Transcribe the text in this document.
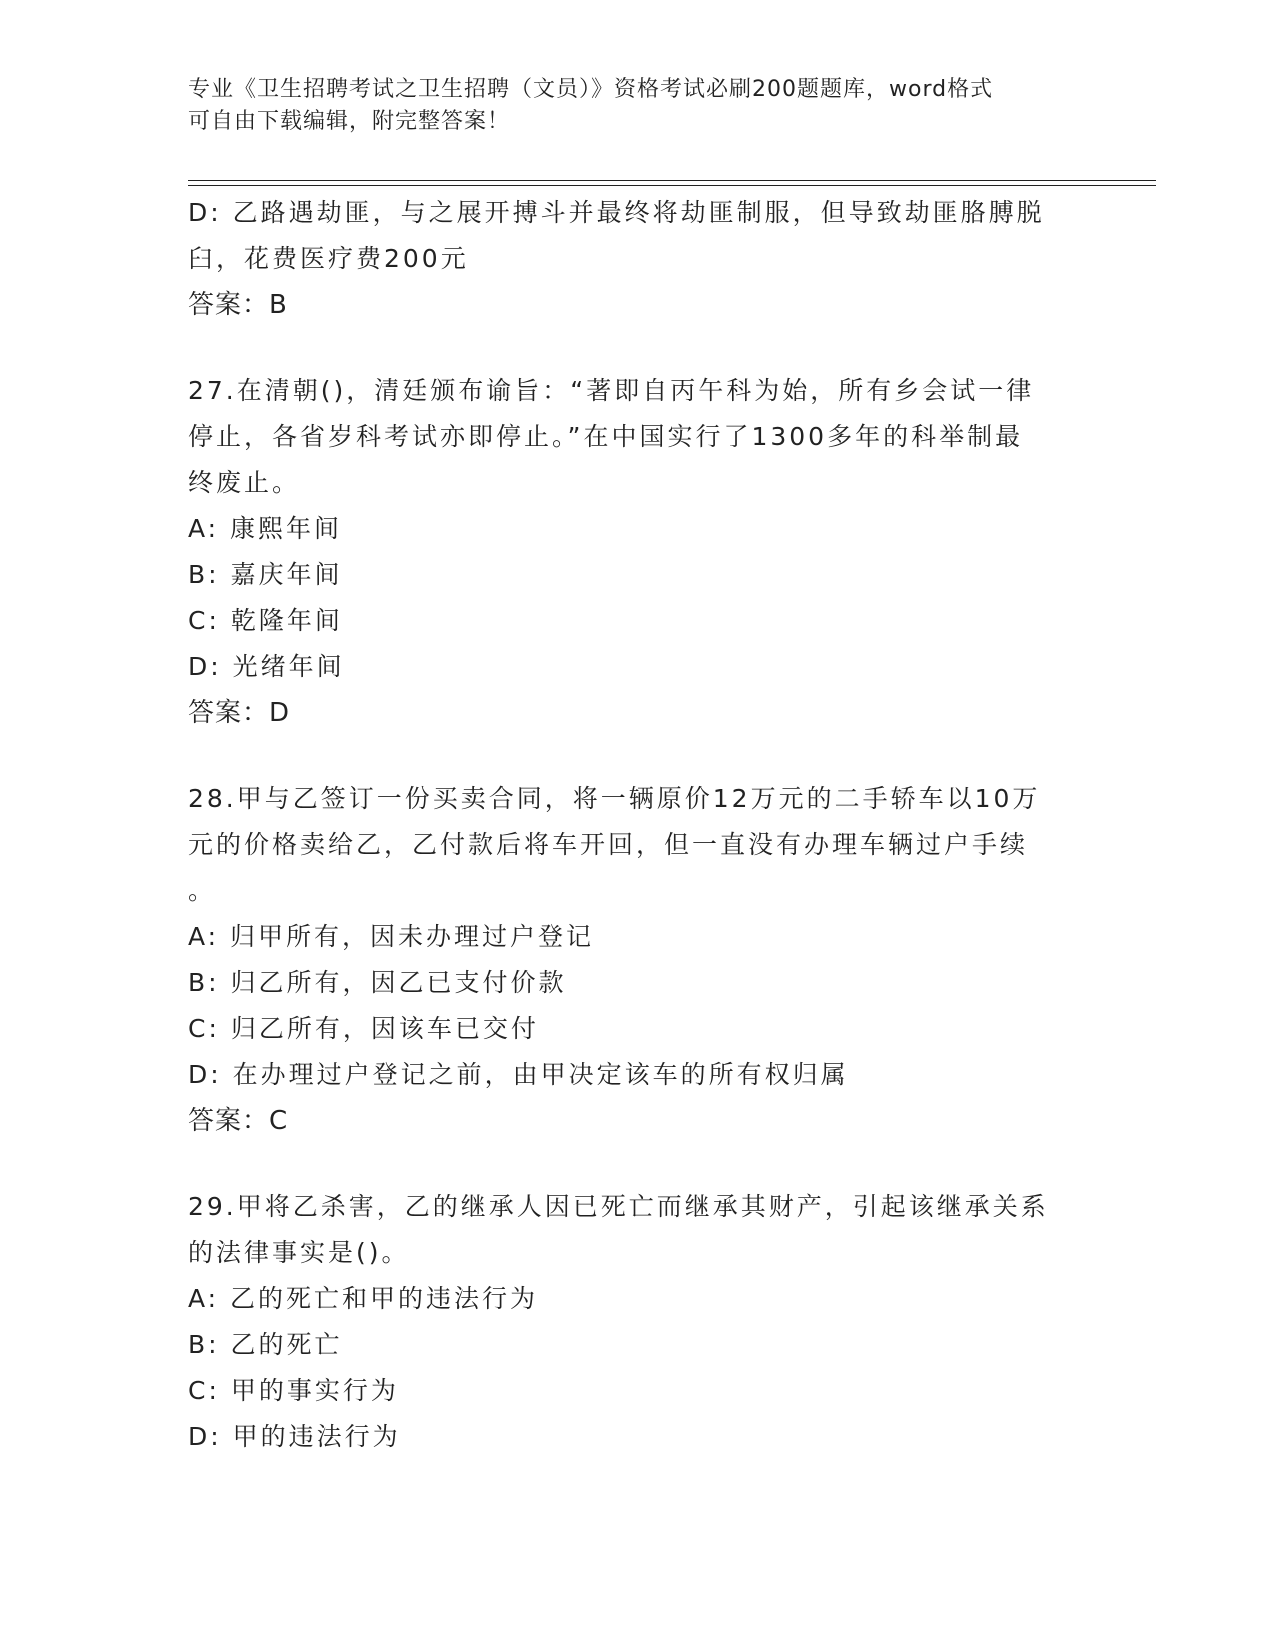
专业《卫生招聘考试之卫生招聘（文员）》资格考试必刷200题题库，word格式
可自由下载编辑，附完整答案！
D: 乙路遇劫匪，与之展开搏斗并最终将劫匪制服，但导致劫匪胳膊脱
臼，花费医疗费200元
答案：B
27.在清朝()，清廷颁布谕旨：“著即自丙午科为始，所有乡会试一律
停止，各省岁科考试亦即停止。”在中国实行了1300多年的科举制最
终废止。
A: 康熙年间
B: 嘉庆年间
C: 乾隆年间
D: 光绪年间
答案：D
28.甲与乙签订一份买卖合同，将一辆原价12万元的二手轿车以10万
元的价格卖给乙，乙付款后将车开回，但一直没有办理车辆过户手续
。
A: 归甲所有，因未办理过户登记
B: 归乙所有，因乙已支付价款
C: 归乙所有，因该车已交付
D: 在办理过户登记之前，由甲决定该车的所有权归属
答案：C
29.甲将乙杀害，乙的继承人因已死亡而继承其财产，引起该继承关系
的法律事实是()。
A: 乙的死亡和甲的违法行为
B: 乙的死亡
C: 甲的事实行为
D: 甲的违法行为
